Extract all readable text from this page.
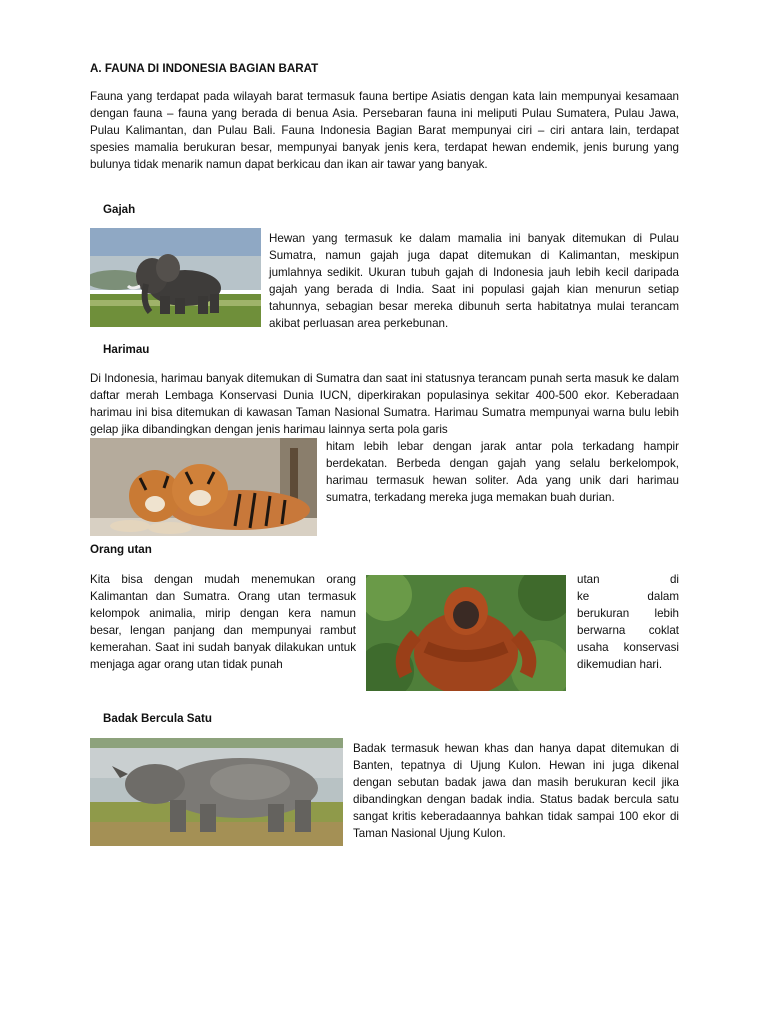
A. FAUNA DI INDONESIA BAGIAN BARAT
Fauna yang terdapat pada wilayah barat termasuk fauna bertipe Asiatis dengan kata lain mempunyai kesamaan dengan fauna – fauna yang berada di benua Asia. Persebaran fauna ini meliputi Pulau Sumatera, Pulau Jawa, Pulau Kalimantan, dan Pulau Bali. Fauna Indonesia Bagian Barat mempunyai ciri – ciri antara lain, terdapat spesies mamalia berukuran besar, mempunyai banyak jenis kera, terdapat hewan endemik, jenis burung yang bulunya tidak menarik namun dapat berkicau dan ikan air tawar yang banyak.
Gajah
Hewan yang termasuk ke dalam mamalia ini banyak ditemukan di Pulau Sumatra, namun gajah juga dapat ditemukan di Kalimantan, meskipun jumlahnya sedikit. Ukuran tubuh gajah di Indonesia jauh lebih kecil daripada gajah yang berada di India. Saat ini populasi gajah kian menurun setiap tahunnya, sebagian besar mereka dibunuh serta habitatnya mulai terancam akibat perluasan area perkebunan.
Harimau
Di Indonesia, harimau banyak ditemukan di Sumatra dan saat ini statusnya terancam punah serta masuk ke dalam daftar merah Lembaga Konservasi Dunia IUCN, diperkirakan populasinya sekitar 400-500 ekor. Keberadaan harimau ini bisa ditemukan di kawasan Taman Nasional Sumatra. Harimau Sumatra mempunyai warna bulu lebih gelap jika dibandingkan dengan jenis harimau lainnya serta pola garis
hitam lebih lebar dengan jarak antar pola terkadang hampir berdekatan. Berbeda dengan gajah yang selalu berkelompok, harimau termasuk hewan soliter. Ada yang unik dari harimau sumatra, terkadang mereka juga memakan buah durian.
Orang utan
Kita bisa dengan mudah menemukan orang Kalimantan dan Sumatra. Orang utan termasuk kelompok animalia, mirip dengan kera namun besar, lengan panjang dan mempunyai rambut kemerahan. Saat ini sudah banyak dilakukan untuk menjaga agar orang utan tidak punah
utan	di
ke	dalam
berukuran lebih
berwarna coklat
usaha konservasi
dikemudian hari.
Badak Bercula Satu
Badak termasuk hewan khas dan hanya dapat ditemukan di Banten, tepatnya di Ujung Kulon. Hewan ini juga dikenal dengan sebutan badak jawa dan masih berukuran kecil jika dibandingkan dengan badak india. Status badak bercula satu sangat kritis keberadaannya bahkan tidak sampai 100 ekor di Taman Nasional Ujung Kulon.
